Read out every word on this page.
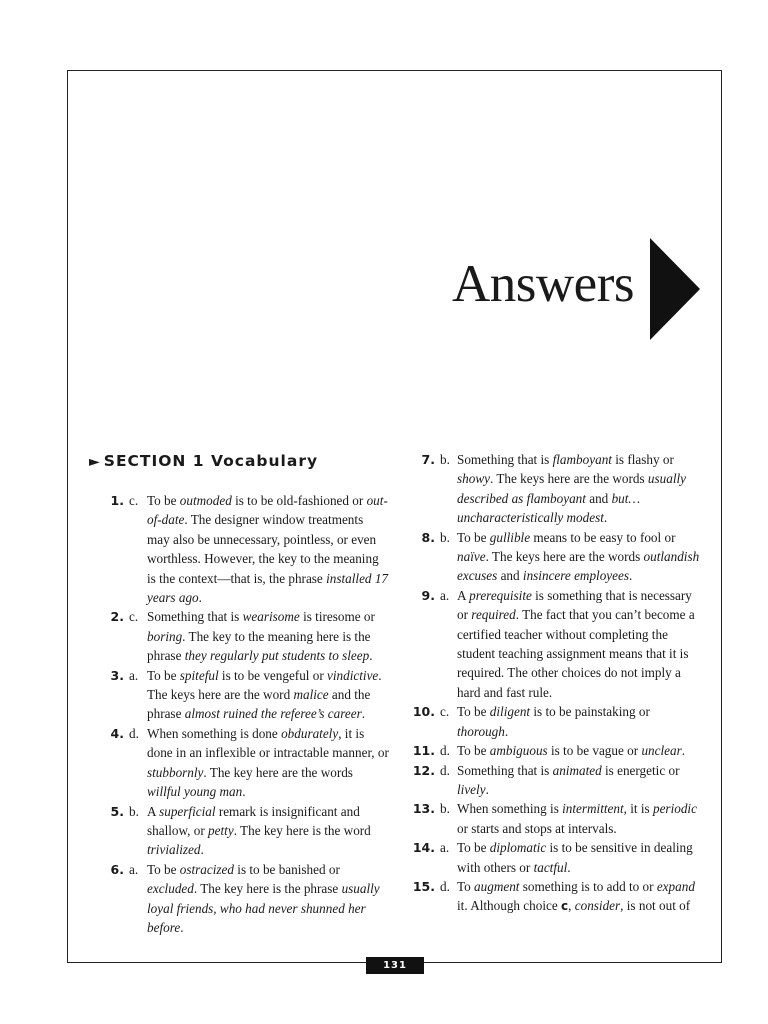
Answers
► SECTION 1 Vocabulary
1. c. To be outmoded is to be old-fashioned or out-of-date. The designer window treatments may also be unnecessary, pointless, or even worthless. However, the key to the meaning is the context—that is, the phrase installed 17 years ago.
2. c. Something that is wearisome is tiresome or boring. The key to the meaning here is the phrase they regularly put students to sleep.
3. a. To be spiteful is to be vengeful or vindictive. The keys here are the word malice and the phrase almost ruined the referee’s career.
4. d. When something is done obdurately, it is done in an inflexible or intractable manner, or stubbornly. The key here are the words willful young man.
5. b. A superficial remark is insignificant and shallow, or petty. The key here is the word trivialized.
6. a. To be ostracized is to be banished or excluded. The key here is the phrase usually loyal friends, who had never shunned her before.
7. b. Something that is flamboyant is flashy or showy. The keys here are the words usually described as flamboyant and but…uncharacteristically modest.
8. b. To be gullible means to be easy to fool or naïve. The keys here are the words outlandish excuses and insincere employees.
9. a. A prerequisite is something that is necessary or required. The fact that you can’t become a certified teacher without completing the student teaching assignment means that it is required. The other choices do not imply a hard and fast rule.
10. c. To be diligent is to be painstaking or thorough.
11. d. To be ambiguous is to be vague or unclear.
12. d. Something that is animated is energetic or lively.
13. b. When something is intermittent, it is periodic or starts and stops at intervals.
14. a. To be diplomatic is to be sensitive in dealing with others or tactful.
15. d. To augment something is to add to or expand it. Although choice c, consider, is not out of
131
